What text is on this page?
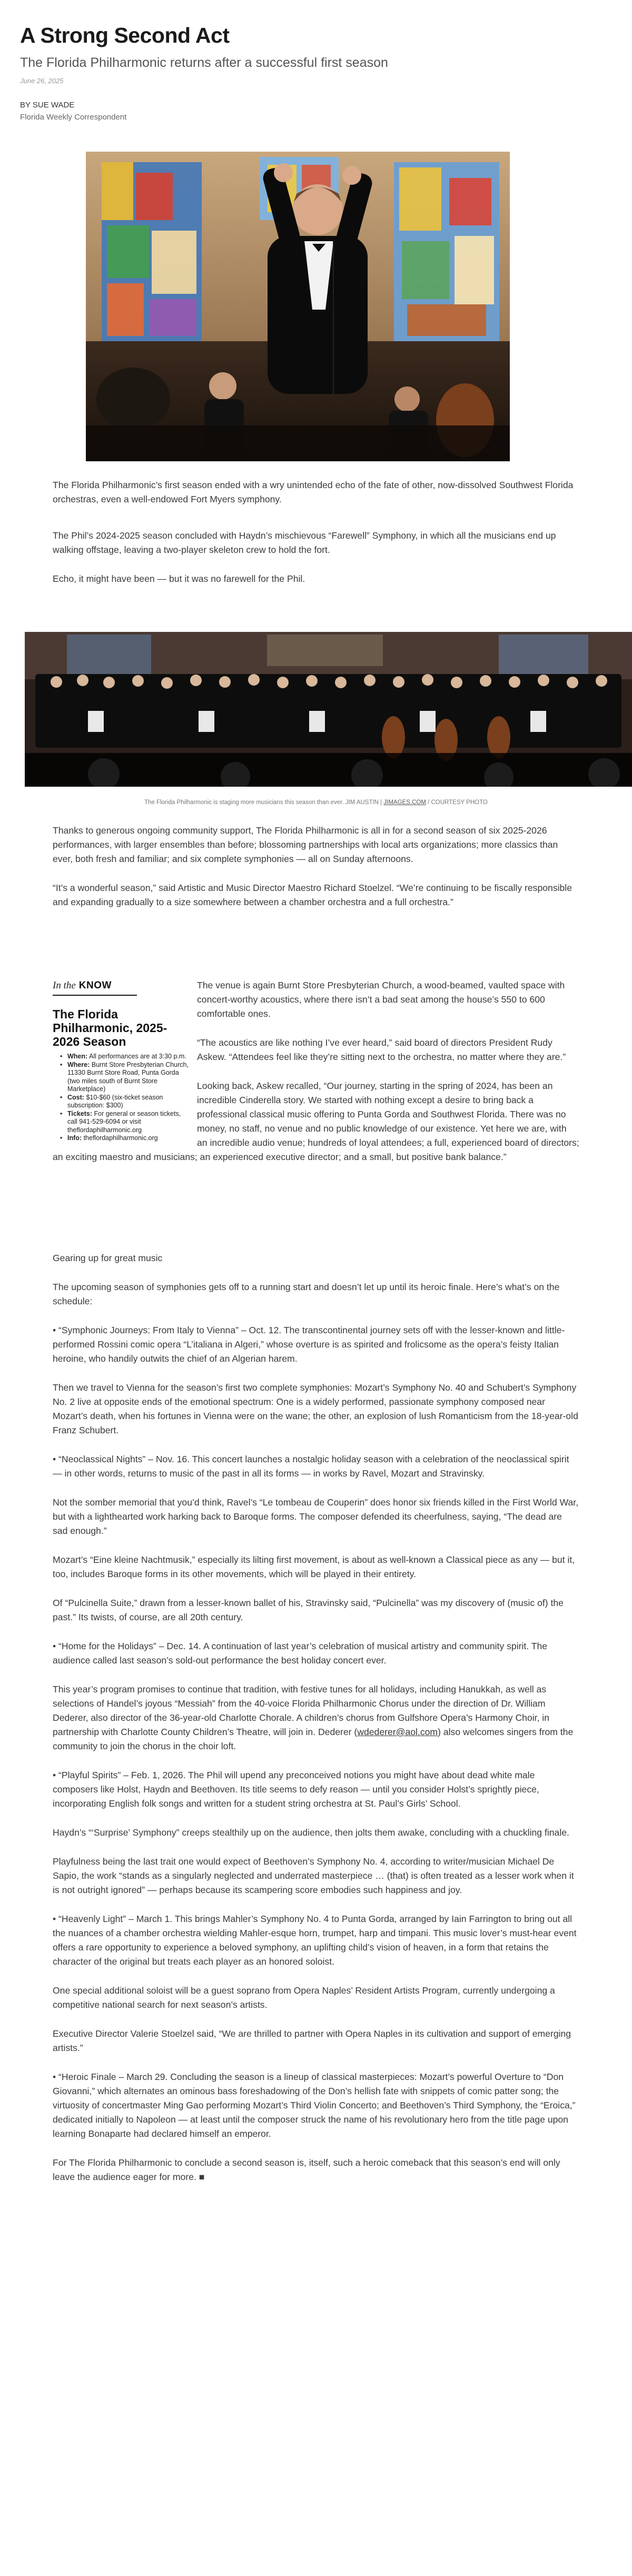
A Strong Second Act
The Florida Philharmonic returns after a successful first season
June 26, 2025
BY SUE WADE
Florida Weekly Correspondent

The Florida Philharmonic’s first season ended with a wry unintended echo of the fate of other, now-dissolved Southwest Florida orchestras, even a well-endowed Fort Myers symphony.

The Phil’s 2024-2025 season concluded with Haydn’s mischievous “Farewell” Symphony, in which all the musicians end up walking offstage, leaving a two-player skeleton crew to hold the fort.

Echo, it might have been — but it was no farewell for the Phil.

The Florida Philharmonic is staging more musicians this season than ever. JIM AUSTIN | JIMAGES.COM / COURTESY PHOTO

Thanks to generous ongoing community support, The Florida Philharmonic is all in for a second season of six 2025-2026 performances, with larger ensembles than before; blossoming partnerships with local arts organizations; more classics than ever, both fresh and familiar; and six complete symphonies — all on Sunday afternoons.

“It’s a wonderful season,” said Artistic and Music Director Maestro Richard Stoelzel. “We’re continuing to be fiscally responsible and expanding gradually to a size somewhere between a chamber orchestra and a full orchestra.”

In the KNOW
The Florida Philharmonic, 2025-2026 Season
• When: All performances are at 3:30 p.m.
• Where: Burnt Store Presbyterian Church, 11330 Burnt Store Road, Punta Gorda (two miles south of Burnt Store Marketplace)
• Cost: $10-$60 (six-ticket season subscription: $300)
• Tickets: For general or season tickets, call 941-529-6094 or visit theflordaphilharmonic.org
• Info: theflordaphilharmonic.org

The venue is again Burnt Store Presbyterian Church, a wood-beamed, vaulted space with concert-worthy acoustics, where there isn’t a bad seat among the house’s 550 to 600 comfortable ones.

“The acoustics are like nothing I’ve ever heard,” said board of directors President Rudy Askew. “Attendees feel like they’re sitting next to the orchestra, no matter where they are.”

Looking back, Askew recalled, “Our journey, starting in the spring of 2024, has been an incredible Cinderella story. We started with nothing except a desire to bring back a professional classical music offering to Punta Gorda and Southwest Florida. There was no money, no staff, no venue and no public knowledge of our existence. Yet here we are, with an incredible audio venue; hundreds of loyal attendees; a full, experienced board of directors; an exciting maestro and musicians; an experienced executive director; and a small, but positive bank balance.”

Gearing up for great music

The upcoming season of symphonies gets off to a running start and doesn’t let up until its heroic finale. Here’s what’s on the schedule:

• “Symphonic Journeys: From Italy to Vienna” – Oct. 12. The transcontinental journey sets off with the lesser-known and little-performed Rossini comic opera “L’italiana in Algeri,” whose overture is as spirited and frolicsome as the opera’s feisty Italian heroine, who handily outwits the chief of an Algerian harem.

Then we travel to Vienna for the season’s first two complete symphonies: Mozart’s Symphony No. 40 and Schubert’s Symphony No. 2 live at opposite ends of the emotional spectrum: One is a widely performed, passionate symphony composed near Mozart’s death, when his fortunes in Vienna were on the wane; the other, an explosion of lush Romanticism from the 18-year-old Franz Schubert.

• “Neoclassical Nights” – Nov. 16. This concert launches a nostalgic holiday season with a celebration of the neoclassical spirit — in other words, returns to music of the past in all its forms — in works by Ravel, Mozart and Stravinsky.

Not the somber memorial that you’d think, Ravel’s “Le tombeau de Couperin” does honor six friends killed in the First World War, but with a lighthearted work harking back to Baroque forms. The composer defended its cheerfulness, saying, “The dead are sad enough.”

Mozart’s “Eine kleine Nachtmusik,” especially its lilting first movement, is about as well-known a Classical piece as any — but it, too, includes Baroque forms in its other movements, which will be played in their entirety.

Of “Pulcinella Suite,” drawn from a lesser-known ballet of his, Stravinsky said, “Pulcinella” was my discovery of (music of) the past.” Its twists, of course, are all 20th century.

• “Home for the Holidays” – Dec. 14. A continuation of last year’s celebration of musical artistry and community spirit. The audience called last season’s sold-out performance the best holiday concert ever.

This year’s program promises to continue that tradition, with festive tunes for all holidays, including Hanukkah, as well as selections of Handel’s joyous “Messiah” from the 40-voice Florida Philharmonic Chorus under the direction of Dr. William Dederer, also director of the 36-year-old Charlotte Chorale. A children’s chorus from Gulfshore Opera’s Harmony Choir, in partnership with Charlotte County Children’s Theatre, will join in. Dederer (wdederer@aol.com) also welcomes singers from the community to join the chorus in the choir loft.

• “Playful Spirits” – Feb. 1, 2026. The Phil will upend any preconceived notions you might have about dead white male composers like Holst, Haydn and Beethoven. Its title seems to defy reason — until you consider Holst’s sprightly piece, incorporating English folk songs and written for a student string orchestra at St. Paul’s Girls’ School.

Haydn’s “‘Surprise’ Symphony” creeps stealthily up on the audience, then jolts them awake, concluding with a chuckling finale.

Playfulness being the last trait one would expect of Beethoven’s Symphony No. 4, according to writer/musician Michael De Sapio, the work “stands as a singularly neglected and underrated masterpiece … (that) is often treated as a lesser work when it is not outright ignored” — perhaps because its scampering score embodies such happiness and joy.

• “Heavenly Light” – March 1. This brings Mahler’s Symphony No. 4 to Punta Gorda, arranged by Iain Farrington to bring out all the nuances of a chamber orchestra wielding Mahler-esque horn, trumpet, harp and timpani. This music lover’s must-hear event offers a rare opportunity to experience a beloved symphony, an uplifting child’s vision of heaven, in a form that retains the character of the original but treats each player as an honored soloist.

One special additional soloist will be a guest soprano from Opera Naples’ Resident Artists Program, currently undergoing a competitive national search for next season’s artists.

Executive Director Valerie Stoelzel said, “We are thrilled to partner with Opera Naples in its cultivation and support of emerging artists.”

• “Heroic Finale – March 29. Concluding the season is a lineup of classical masterpieces: Mozart’s powerful Overture to “Don Giovanni,” which alternates an ominous bass foreshadowing of the Don’s hellish fate with snippets of comic patter song; the virtuosity of concertmaster Ming Gao performing Mozart’s Third Violin Concerto; and Beethoven’s Third Symphony, the “Eroica,” dedicated initially to Napoleon — at least until the composer struck the name of his revolutionary hero from the title page upon learning Bonaparte had declared himself an emperor.

For The Florida Philharmonic to conclude a second season is, itself, such a heroic comeback that this season’s end will only leave the audience eager for more. ■
